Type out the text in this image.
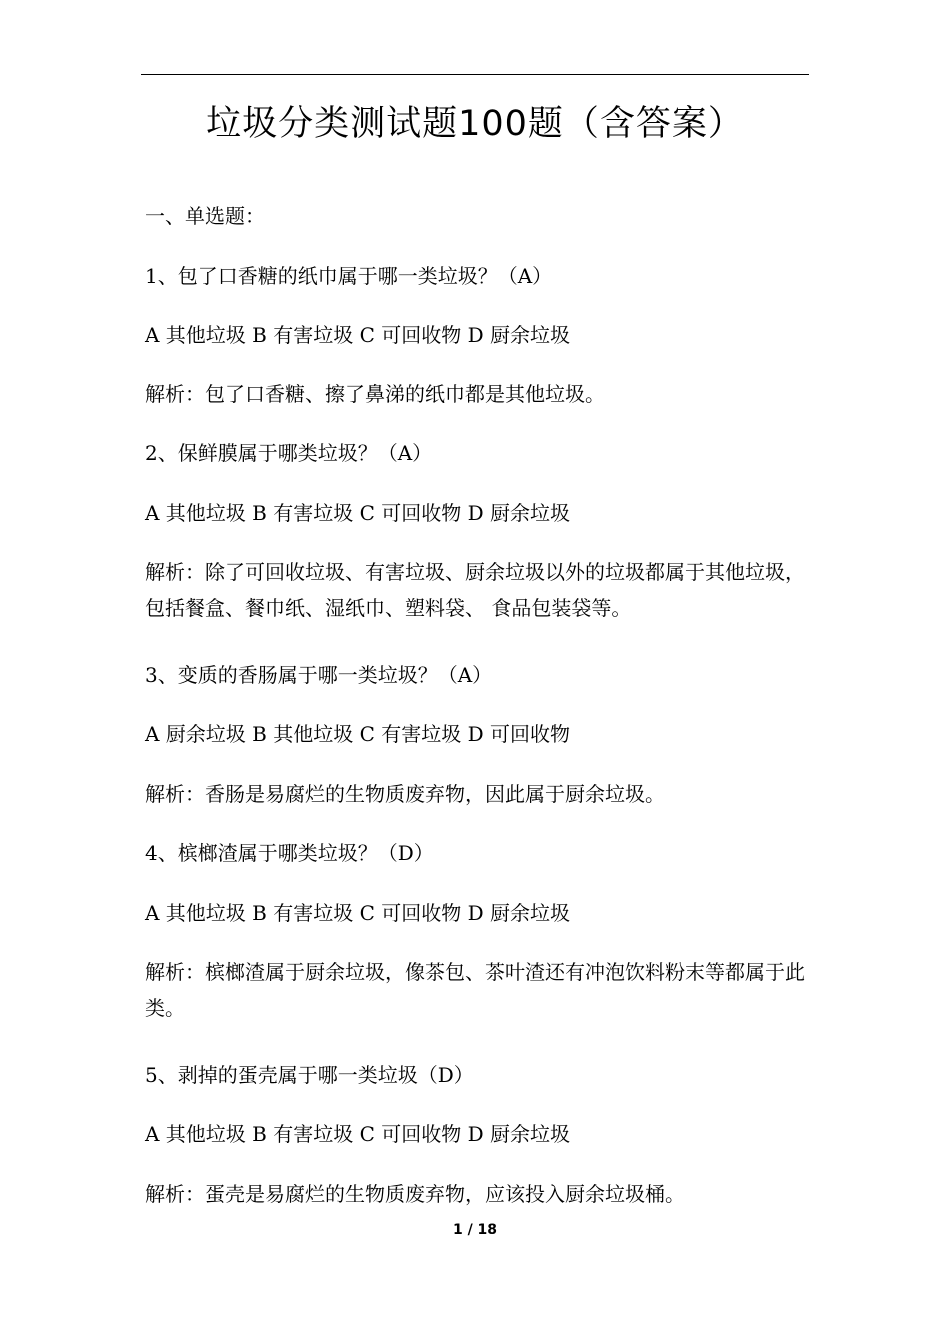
垃圾分类测试题100题（含答案）

一、单选题：

1、包了口香糖的纸巾属于哪一类垃圾？（A）

A 其他垃圾 B 有害垃圾 C 可回收物 D 厨余垃圾

解析：包了口香糖、擦了鼻涕的纸巾都是其他垃圾。

2、保鲜膜属于哪类垃圾？（A）

A 其他垃圾 B 有害垃圾 C 可回收物 D 厨余垃圾

解析：除了可回收垃圾、有害垃圾、厨余垃圾以外的垃圾都属于其他垃圾，包括餐盒、餐巾纸、湿纸巾、塑料袋、 食品包装袋等。

3、变质的香肠属于哪一类垃圾？（A）

A 厨余垃圾 B 其他垃圾 C 有害垃圾 D 可回收物

解析：香肠是易腐烂的生物质废弃物，因此属于厨余垃圾。

4、槟榔渣属于哪类垃圾？（D）

A 其他垃圾 B 有害垃圾 C 可回收物 D 厨余垃圾

解析：槟榔渣属于厨余垃圾，像茶包、茶叶渣还有冲泡饮料粉末等都属于此类。

5、剥掉的蛋壳属于哪一类垃圾（D）

A 其他垃圾 B 有害垃圾 C 可回收物 D 厨余垃圾

解析：蛋壳是易腐烂的生物质废弃物，应该投入厨余垃圾桶。

1 / 18
